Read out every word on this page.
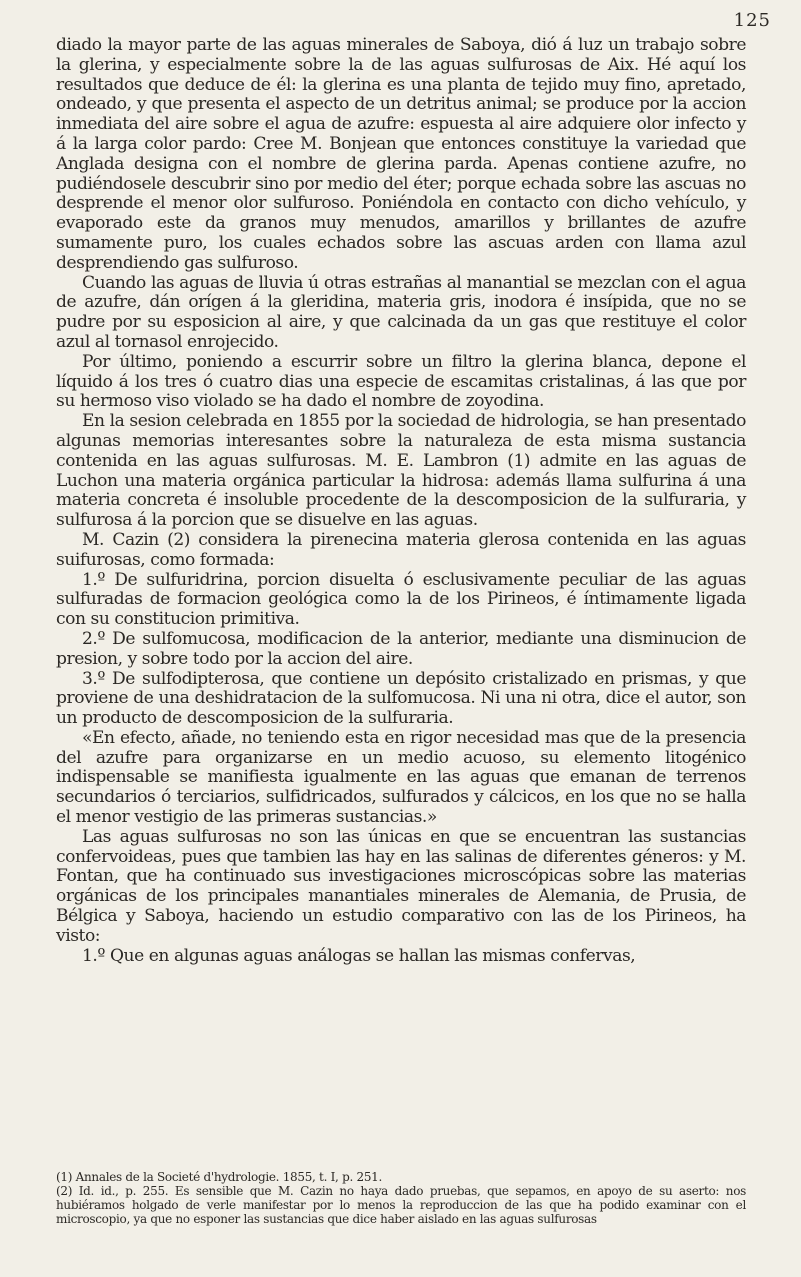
125

diado la mayor parte de las aguas minerales de Saboya, dió á luz un trabajo sobre la glerina, y especialmente sobre la de las aguas sulfurosas de Aix. Hé aquí los resultados que deduce de él: la glerina es una planta de tejido muy fino, apretado, ondeado, y que presenta el aspecto de un detritus animal; se produce por la accion inmediata del aire sobre el agua de azufre: espuesta al aire adquiere olor infecto y á la larga color pardo: Cree M. Bonjean que entonces constituye la variedad que Anglada designa con el nombre de glerina parda. Apenas contiene azufre, no pudiéndosele descubrir sino por medio del éter; porque echada sobre las ascuas no desprende el menor olor sulfuroso. Poniéndola en contacto con dicho vehículo, y evaporado este da granos muy menudos, amarillos y brillantes de azufre sumamente puro, los cuales echados sobre las ascuas arden con llama azul desprendiendo gas sulfuroso.

Cuando las aguas de lluvia ú otras estrañas al manantial se mezclan con el agua de azufre, dán orígen á la gleridina, materia gris, inodora é insípida, que no se pudre por su esposicion al aire, y que calcinada da un gas que restituye el color azul al tornasol enrojecido.

Por último, poniendo a escurrir sobre un filtro la glerina blanca, depone el líquido á los tres ó cuatro dias una especie de escamitas cristalinas, á las que por su hermoso viso violado se ha dado el nombre de zoyodina.

En la sesion celebrada en 1855 por la sociedad de hidrologia, se han presentado algunas memorias interesantes sobre la naturaleza de esta misma sustancia contenida en las aguas sulfurosas. M. E. Lambron (1) admite en las aguas de Luchon una materia orgánica particular la hidrosa: además llama sulfurina á una materia concreta é insoluble procedente de la descomposicion de la sulfuraria, y sulfurosa á la porcion que se disuelve en las aguas.

M. Cazin (2) considera la pirenecina materia glerosa contenida en las aguas suifurosas, como formada:

1.º De sulfuridrina, porcion disuelta ó esclusivamente peculiar de las aguas sulfuradas de formacion geológica como la de los Pirineos, é íntimamente ligada con su constitucion primitiva.

2.º De sulfomucosa, modificacion de la anterior, mediante una disminucion de presion, y sobre todo por la accion del aire.

3.º De sulfodipterosa, que contiene un depósito cristalizado en prismas, y que proviene de una deshidratacion de la sulfomucosa. Ni una ni otra, dice el autor, son un producto de descomposicion de la sulfuraria.

«En efecto, añade, no teniendo esta en rigor necesidad mas que de la presencia del azufre para organizarse en un medio acuoso, su elemento litogénico indispensable se manifiesta igualmente en las aguas que emanan de terrenos secundarios ó terciarios, sulfidricados, sulfurados y cálcicos, en los que no se halla el menor vestigio de las primeras sustancias.»

Las aguas sulfurosas no son las únicas en que se encuentran las sustancias confervoideas, pues que tambien las hay en las salinas de diferentes géneros: y M. Fontan, que ha continuado sus investigaciones microscópicas sobre las materias orgánicas de los principales manantiales minerales de Alemania, de Prusia, de Bélgica y Saboya, haciendo un estudio comparativo con las de los Pirineos, ha visto:

1.º Que en algunas aguas análogas se hallan las mismas confervas,

(1) Annales de la Societé d'hydrologie. 1855, t. I, p. 251.

(2) Id. id., p. 255. Es sensible que M. Cazin no haya dado pruebas, que sepamos, en apoyo de su aserto: nos hubiéramos holgado de verle manifestar por lo menos la reproduccion de las que ha podido examinar con el microscopio, ya que no esponer las sustancias que dice haber aislado en las aguas sulfurosas
